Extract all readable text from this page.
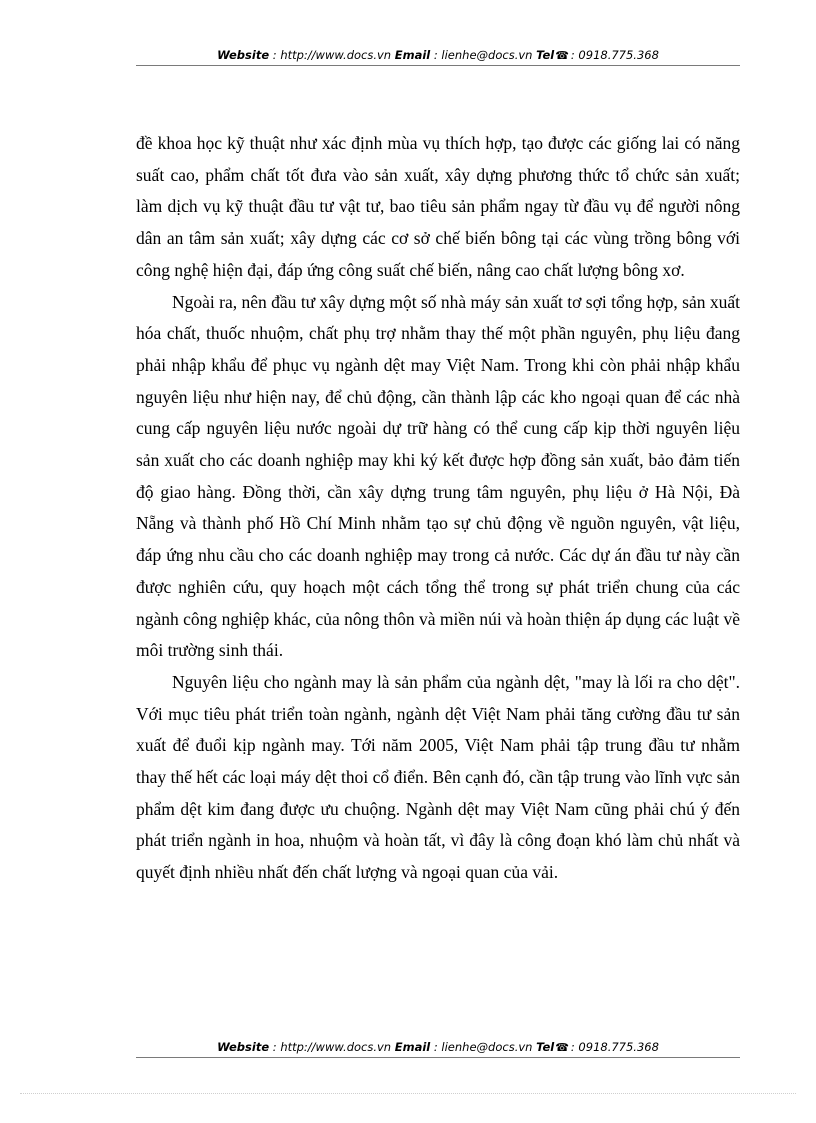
Website : http://www.docs.vn Email : lienhe@docs.vn Tel☎ : 0918.775.368

đề khoa học kỹ thuật như xác định mùa vụ thích hợp, tạo được các giống lai có năng suất cao, phẩm chất tốt đưa vào sản xuất, xây dựng phương thức tổ chức sản xuất; làm dịch vụ kỹ thuật đầu tư vật tư, bao tiêu sản phẩm ngay từ đầu vụ để người nông dân an tâm sản xuất; xây dựng các cơ sở chế biến bông tại các vùng trồng bông với công nghệ hiện đại, đáp ứng công suất chế biến, nâng cao chất lượng bông xơ.

Ngoài ra, nên đầu tư xây dựng một số nhà máy sản xuất tơ sợi tổng hợp, sản xuất hóa chất, thuốc nhuộm, chất phụ trợ nhằm thay thế một phần nguyên, phụ liệu đang phải nhập khẩu để phục vụ ngành dệt may Việt Nam. Trong khi còn phải nhập khẩu nguyên liệu như hiện nay, để chủ động, cần thành lập các kho ngoại quan để các nhà cung cấp nguyên liệu nước ngoài dự trữ hàng có thể cung cấp kịp thời nguyên liệu sản xuất cho các doanh nghiệp may khi ký kết được hợp đồng sản xuất, bảo đảm tiến độ giao hàng. Đồng thời, cần xây dựng trung tâm nguyên, phụ liệu ở Hà Nội, Đà Nẵng và thành phố Hồ Chí Minh nhằm tạo sự chủ động về nguồn nguyên, vật liệu, đáp ứng nhu cầu cho các doanh nghiệp may trong cả nước. Các dự án đầu tư này cần được nghiên cứu, quy hoạch một cách tổng thể trong sự phát triển chung của các ngành công nghiệp khác, của nông thôn và miền núi và hoàn thiện áp dụng các luật về môi trường sinh thái.

Nguyên liệu cho ngành may là sản phẩm của ngành dệt, "may là lối ra cho dệt". Với mục tiêu phát triển toàn ngành, ngành dệt Việt Nam phải tăng cường đầu tư sản xuất để đuổi kịp ngành may. Tới năm 2005, Việt Nam phải tập trung đầu tư nhằm thay thế hết các loại máy dệt thoi cổ điển. Bên cạnh đó, cần tập trung vào lĩnh vực sản phẩm dệt kim đang được ưu chuộng. Ngành dệt may Việt Nam cũng phải chú ý đến phát triển ngành in hoa, nhuộm và hoàn tất, vì đây là công đoạn khó làm chủ nhất và quyết định nhiều nhất đến chất lượng và ngoại quan của vải.

Website : http://www.docs.vn Email : lienhe@docs.vn Tel☎ : 0918.775.368
